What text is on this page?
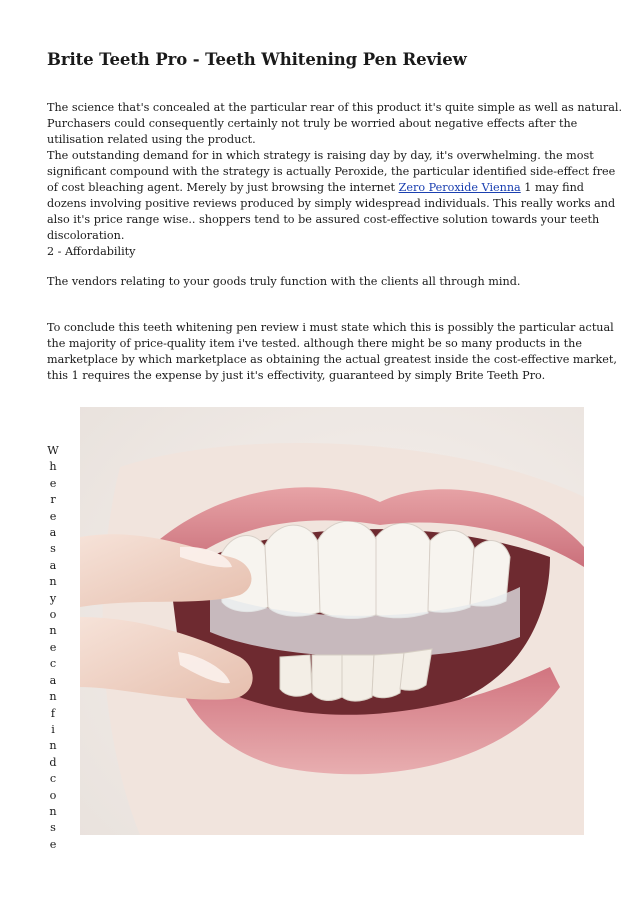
Brite Teeth Pro - Teeth Whitening Pen Review
The science that's concealed at the particular rear of this product it's quite simple as well as natural.
Purchasers could consequently certainly not truly be worried about negative effects after the
utilisation related using the product.
The outstanding demand for in which strategy is raising day by day, it's overwhelming. the most
significant compound with the strategy is actually Peroxide, the particular identified side-effect free
of cost bleaching agent. Merely by just browsing the internet Zero Peroxide Vienna 1 may find
dozens involving positive reviews produced by simply widespread individuals. This really works and
also it's price range wise.. shoppers tend to be assured cost-effective solution towards your teeth
discoloration.
2 - Affordability

The vendors relating to your goods truly function with the clients all through mind.

To conclude this teeth whitening pen review i must state which this is possibly the particular actual
the majority of price-quality item i've tested. although there might be so many products in the
marketplace by which marketplace as obtaining the actual greatest inside the cost-effective market,
this 1 requires the expense by just it's effectivity, guaranteed by simply Brite Teeth Pro.
W
h
e
r
e
a
s
a
n
y
o
n
e
c
a
n
f
i
n
d
c
o
n
s
e
